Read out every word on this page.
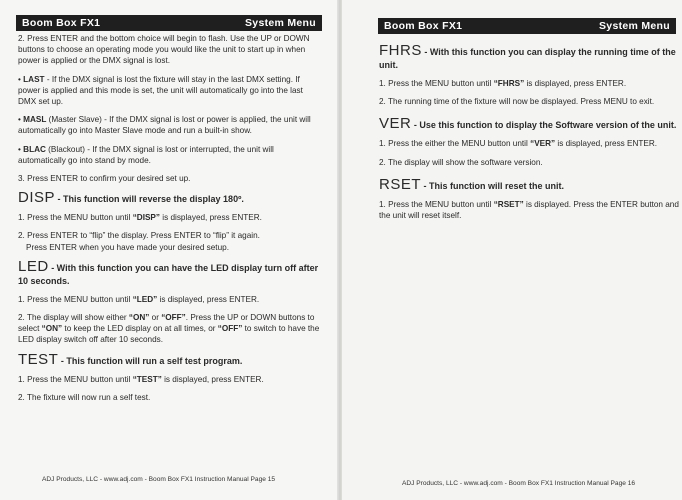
Boom Box FX1	System Menu

2. Press ENTER and the bottom choice will begin to flash. Use the UP or DOWN buttons to choose an operating mode you would like the unit to start up in when power is applied or the DMX signal is lost.

• LAST - If the DMX signal is lost the fixture will stay in the last DMX setting. If power is applied and this mode is set, the unit will automatically go into the last DMX set up.

• MASL (Master Slave) - If the DMX signal is lost or power is applied, the unit will automatically go into Master Slave mode and run a built-in show.

• BLAC (Blackout) - If the DMX signal is lost or interrupted, the unit will automatically go into stand by mode.

3. Press ENTER to confirm your desired set up.

DISP - This function will reverse the display 180º.

1. Press the MENU button until “DISP” is displayed, press ENTER.

2. Press ENTER to “flip” the display. Press ENTER to “flip” it again.
Press ENTER when you have made your desired setup.

LED - With this function you can have the LED display turn off after 10 seconds.

1. Press the MENU button until “LED” is displayed, press ENTER.

2. The display will show either “ON” or “OFF”. Press the UP or DOWN buttons to select “ON” to keep the LED display on at all times, or “OFF” to switch to have the LED display switch off after 10 seconds.

TEST - This function will run a self test program.

1. Press the MENU button until “TEST” is displayed, press ENTER.

2. The fixture will now run a self test.

ADJ Products, LLC - www.adj.com - Boom Box FX1 Instruction Manual Page 15
Boom Box FX1	System Menu
FHRS - With this function you can display the running time of the unit.

1. Press the MENU button until “FHRS” is displayed, press ENTER.

2. The running time of the fixture will now be displayed. Press MENU to exit.

VER - Use this function to display the Software version of the unit.

1. Press the either the MENU button until “VER” is displayed, press ENTER.

2. The display will show the software version.

RSET - This function will reset the unit.

1. Press the MENU button until “RSET” is displayed. Press the ENTER button and the unit will reset itself.

ADJ Products, LLC - www.adj.com - Boom Box FX1 Instruction Manual Page 16
